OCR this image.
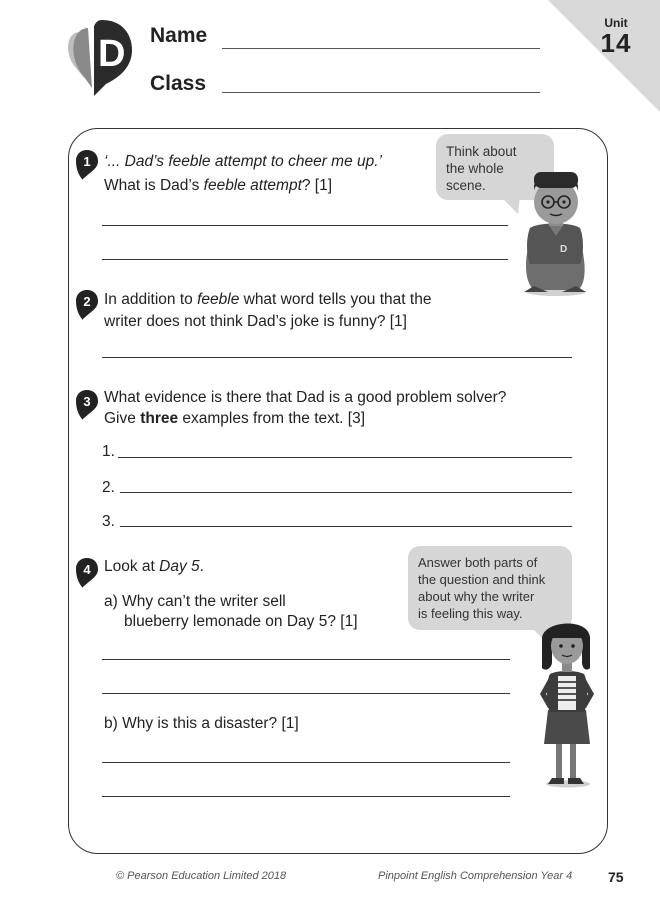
D Name
Class
Unit
14
1 ‘... Dad’s feeble attempt to cheer me up.’
What is Dad’s feeble attempt? [1]
Think about
the whole
scene.
D
2 In addition to feeble what word tells you that the
writer does not think Dad’s joke is funny? [1]
3 What evidence is there that Dad is a good problem solver?
Give three examples from the text. [3]
1.
2.
3.
4 Look at Day 5.
a) Why can’t the writer sell
blueberry lemonade on Day 5? [1]
b) Why is this a disaster? [1]
Answer both parts of
the question and think
about why the writer
is feeling this way.
© Pearson Education Limited 2018	Pinpoint English Comprehension Year 4	75
